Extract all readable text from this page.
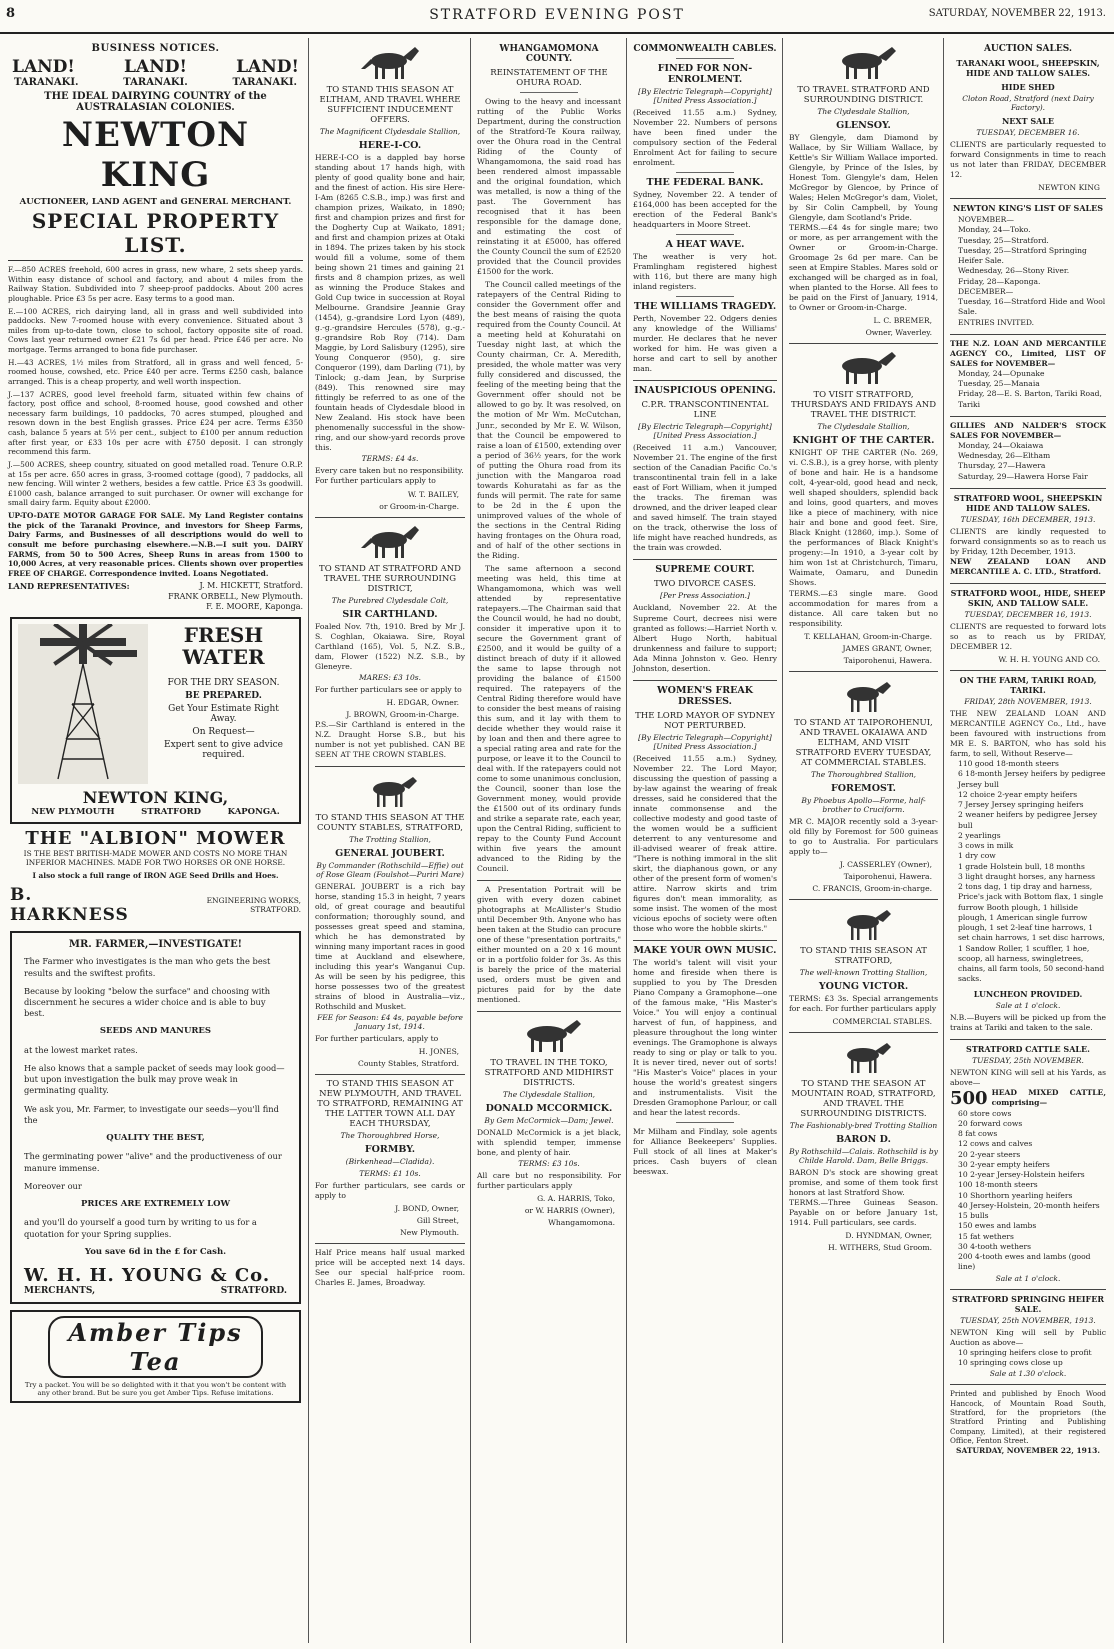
8	STRATFORD EVENING POST	SATURDAY, NOVEMBER 22, 1913.
BUSINESS NOTICES.
LAND!	LAND!	LAND!
TARANAKI.	TARANAKI.	TARANAKI.
THE IDEAL DAIRYING COUNTRY of the AUSTRALASIAN COLONIES.
NEWTON KING
AUCTIONEER, LAND AGENT and GENERAL MERCHANT.
SPECIAL PROPERTY LIST.
F.—850 ACRES freehold, 600 acres in grass, new whare, 2 sets sheep yards. Within easy distance of school and factory, and about 4 miles from the Railway Station. Subdivided into 7 sheep-proof paddocks. About 200 acres ploughable. Price £3 5s per acre. Easy terms to a good man.
E.—100 ACRES, rich dairying land, all in grass and well subdivided into paddocks. New 7-roomed house with every convenience. Situated about 3 miles from up-to-date town, close to school, factory opposite site of road. Cows last year returned owner £21 7s 6d per head. Price £46 per acre. No mortgage. Terms arranged to bona fide purchaser.
H.—43 ACRES, 1½ miles from Stratford, all in grass and well fenced, 5-roomed house, cowshed, etc. Price £40 per acre. Terms £250 cash, balance arranged. This is a cheap property, and well worth inspection.
J.—137 ACRES, good level freehold farm, situated within few chains of factory, post office and school, 8-roomed house, good cowshed and other necessary farm buildings, 10 paddocks, 70 acres stumped, ploughed and resown down in the best English grasses. Price £24 per acre. Terms £350 cash, balance 5 years at 5½ per cent., subject to £100 per annum reduction after first year, or £33 10s per acre with £750 deposit. I can strongly recommend this farm.
J.—500 ACRES, sheep country, situated on good metalled road. Tenure O.R.P. at 15s per acre. 650 acres in grass, 3-roomed cottage (good), 7 paddocks, all new fencing. Will winter 2 wethers, besides a few cattle. Price £3 3s goodwill. £1000 cash, balance arranged to suit purchaser. Or owner will exchange for small dairy farm. Equity about £2000.
UP-TO-DATE MOTOR GARAGE FOR SALE. My Land Register contains the pick of the Taranaki Province, and investors for Sheep Farms, Dairy Farms, and Businesses of all descriptions would do well to consult me before purchasing elsewhere.—N.B.—I suit you. DAIRY FARMS, from 50 to 500 Acres, Sheep Runs in areas from 1500 to 10,000 Acres, at very reasonable prices. Clients shown over properties FREE OF CHARGE. Correspondence invited. Loans Negotiated.
LAND REPRESENTATIVES:	J. M. HICKETT, Stratford.
FRANK ORBELL, New Plymouth.
F. E. MOORE, Kaponga.
FRESH WATER
FOR THE DRY SEASON.
BE PREPARED.
Get Your Estimate Right Away.
On Request—
Expert sent to give advice required.
NEWTON KING,
NEW PLYMOUTH	STRATFORD	KAPONGA.
THE "ALBION" MOWER
IS THE BEST BRITISH-MADE MOWER AND COSTS NO MORE THAN INFERIOR MACHINES. MADE FOR TWO HORSES OR ONE HORSE.
I also stock a full range of IRON AGE Seed Drills and Hoes.
B. HARKNESS
ENGINEERING WORKS, STRATFORD.
MR. FARMER,—INVESTIGATE!

The Farmer who investigates is the man who gets the best results and the swiftest profits.

Because by looking "below the surface" and choosing with discernment he secures a wider choice and is able to buy best.

SEEDS AND MANURES

at the lowest market rates.

He also knows that a sample packet of seeds may look good—but upon investigation the bulk may prove weak in germinating quality.

We ask you, Mr. Farmer, to investigate our seeds—you'll find the

QUALITY THE BEST,

The germinating power "alive" and the productiveness of our manure immense.

Moreover our

PRICES ARE EXTREMELY LOW

and you'll do yourself a good turn by writing to us for a quotation for your Spring supplies.

You save 6d in the £ for Cash.

W. H. H. YOUNG & Co.
MERCHANTS,	STRATFORD.
Amber Tips Tea
Try a packet. You will be so delighted with it that you won't be content with any other brand. But be sure you get Amber Tips. Refuse imitations.
TO STAND THIS SEASON AT ELTHAM, AND TRAVEL WHERE SUFFICIENT INDUCEMENT OFFERS.
The Magnificent Clydesdale Stallion,
HERE-I-CO.
HERE-I-CO is a dappled bay horse standing about 17 hands high, with plenty of good quality bone and hair, and the finest of action. His sire Here-I-Am (8265 C.S.B., imp.) was first and champion prizes, Waikato, in 1890; first and champion prizes and first for the Dogherty Cup at Waikato, 1891; and first and champion prizes at Otaki in 1894. The prizes taken by his stock would fill a volume, some of them being shown 21 times and gaining 21 firsts and 8 champion prizes, as well as winning the Produce Stakes and Gold Cup twice in succession at Royal Melbourne. Grandsire Jeannie Gray (1454), g.-grandsire Lord Lyon (489), g.-g.-grandsire Hercules (578), g.-g.-g.-grandsire Rob Roy (714). Dam Maggie, by Lord Salisbury (1295), sire Young Conqueror (950), g. sire Conqueror (199), dam Darling (71), by Tinlock; g.-dam Jean, by Surprise (849). This renowned sire may fittingly be referred to as one of the fountain heads of Clydesdale blood in New Zealand. His stock have been phenomenally successful in the show-ring, and our show-yard records prove this.
TERMS: £4 4s.
Every care taken but no responsibility.
For further particulars apply to
W. T. BAILEY,
or Groom-in-Charge.
TO STAND AT STRATFORD AND TRAVEL THE SURROUNDING DISTRICT,
The Purebred Clydesdale Colt,
SIR CARTHLAND.
Foaled Nov. 7th, 1910. Bred by Mr J. S. Coghlan, Okaiawa. Sire, Royal Carthland (165), Vol. 5, N.Z. S.B., dam, Flower (1522) N.Z. S.B., by Gleneyre.
MARES: £3 10s.
For further particulars see or apply to
H. EDGAR, Owner.
J. BROWN, Groom-in-Charge.
P.S.—Sir Carthland is entered in the N.Z. Draught Horse S.B., but his number is not yet published. CAN BE SEEN AT THE CROWN STABLES.
TO STAND THIS SEASON AT THE COUNTY STABLES, STRATFORD,
The Trotting Stallion,
GENERAL JOUBERT.
By Commander (Rothschild—Effie) out of Rose Gleam (Foulshot—Puriri Mare)
GENERAL JOUBERT is a rich bay horse, standing 15.3 in height, 7 years old, of great courage and beautiful conformation; thoroughly sound, and possesses great speed and stamina, which he has demonstrated by winning many important races in good time at Auckland and elsewhere, including this year's Wanganui Cup. As will be seen by his pedigree, this horse possesses two of the greatest strains of blood in Australia—viz., Rothschild and Musket.
FEE for Season: £4 4s, payable before January 1st, 1914.
For further particulars, apply to
H. JONES,
County Stables, Stratford.
TO STAND THIS SEASON AT NEW PLYMOUTH, AND TRAVEL TO STRATFORD, REMAINING AT THE LATTER TOWN ALL DAY EACH THURSDAY,
The Thoroughbred Horse,
FORMBY.
(Birkenhead—Cladida).
TERMS: £1 10s.
For further particulars, see cards or apply to
J. BOND, Owner,
Gill Street,
New Plymouth.
Half Price means half usual marked price will be accepted next 14 days. See our special half-price room. Charles E. James, Broadway.
WHANGAMOMONA COUNTY.
REINSTATEMENT OF THE OHURA ROAD.
Owing to the heavy and incessant rutting of the Public Works Department, during the construction of the Stratford-Te Koura railway, over the Ohura road in the Central Riding of the County of Whangamomona, the said road has been rendered almost impassable and the original foundation, which was metalled, is now a thing of the past. The Government has recognised that it has been responsible for the damage done, and estimating the cost of reinstating it at £5000, has offered the County Council the sum of £2520 provided that the Council provides £1500 for the work.
The Council called meetings of the ratepayers of the Central Riding to consider the Government offer and the best means of raising the quota required from the County Council. At a meeting held at Kohuratahi on Tuesday night last, at which the County chairman, Cr. A. Meredith, presided, the whole matter was very fully considered and discussed, the feeling of the meeting being that the Government offer should not be allowed to go by. It was resolved, on the motion of Mr Wm. McCutchan, Junr., seconded by Mr E. W. Wilson, that the Council be empowered to raise a loan of £1500, extending over a period of 36½ years, for the work of putting the Ohura road from its junction with the Mangaroa road towards Kohuratahi as far as the funds will permit. The rate for same to be 2d in the £ upon the unimproved values of the whole of the sections in the Central Riding having frontages on the Ohura road, and of half of the other sections in the Riding.
The same afternoon a second meeting was held, this time at Whangamomona, which was well attended by representative ratepayers.—The Chairman said that the Council would, he had no doubt, consider it imperative upon it to secure the Government grant of £2500, and it would be guilty of a distinct breach of duty if it allowed the same to lapse through not providing the balance of £1500 required. The ratepayers of the Central Riding therefore would have to consider the best means of raising this sum, and it lay with them to decide whether they would raise it by loan and then and there agree to a special rating area and rate for the purpose, or leave it to the Council to deal with. If the ratepayers could not come to some unanimous conclusion, the Council, sooner than lose the Government money, would provide the £1500 out of its ordinary funds and strike a separate rate, each year, upon the Central Riding, sufficient to repay to the County Fund Account within five years the amount advanced to the Riding by the Council.
A Presentation Portrait will be given with every dozen cabinet photographs at McAllister's Studio until December 9th. Anyone who has been taken at the Studio can procure one of these "presentation portraits," either mounted on a 20 x 16 mount or in a portfolio folder for 3s. As this is barely the price of the material used, orders must be given and pictures paid for by the date mentioned.
TO TRAVEL IN THE TOKO, STRATFORD AND MIDHIRST DISTRICTS.
The Clydesdale Stallion,
DONALD MCCORMICK.
By Gem McCormick—Dam; Jewel.
DONALD McCormick is a jet black, with splendid temper, immense bone, and plenty of hair.
TERMS: £3 10s.
All care but no responsibility. For further particulars apply
G. A. HARRIS, Toko,
or W. HARRIS (Owner),
Whangamomona.
COMMONWEALTH CABLES.
FINED FOR NON-ENROLMENT.
[By Electric Telegraph—Copyright] [United Press Association.]
(Received 11.55 a.m.) Sydney, November 22. Numbers of persons have been fined under the compulsory section of the Federal Enrolment Act for failing to secure enrolment.
THE FEDERAL BANK.
Sydney, November 22. A tender of £164,000 has been accepted for the erection of the Federal Bank's headquarters in Moore Street.
A HEAT WAVE.
The weather is very hot. Framlingham registered highest with 116, but there are many high inland registers.
THE WILLIAMS TRAGEDY.
Perth, November 22. Odgers denies any knowledge of the Williams' murder. He declares that he never worked for him. He was given a horse and cart to sell by another man.
INAUSPICIOUS OPENING.
C.P.R. TRANSCONTINENTAL LINE
[By Electric Telegraph—Copyright] [United Press Association.]
(Received 11 a.m.) Vancouver, November 21. The engine of the first section of the Canadian Pacific Co.'s transcontinental train fell in a lake east of Fort William, when it jumped the tracks. The fireman was drowned, and the driver leaped clear and saved himself. The train stayed on the track, otherwise the loss of life might have reached hundreds, as the train was crowded.
SUPREME COURT.
TWO DIVORCE CASES.
[Per Press Association.]
Auckland, November 22. At the Supreme Court, decrees nisi were granted as follows:—Harriet North v. Albert Hugo North, habitual drunkenness and failure to support; Ada Minna Johnston v. Geo. Henry Johnston, desertion.
WOMEN'S FREAK DRESSES.
THE LORD MAYOR OF SYDNEY NOT PERTURBED.
[By Electric Telegraph—Copyright] [United Press Association.]
(Received 11.55 a.m.) Sydney, November 22. The Lord Mayor, discussing the question of passing a by-law against the wearing of freak dresses, said he considered that the innate commonsense and the collective modesty and good taste of the women would be a sufficient deterrent to any venturesome and ill-advised wearer of freak attire. "There is nothing immoral in the slit skirt, the diaphanous gown, or any other of the present form of women's attire. Narrow skirts and trim figures don't mean immorality, as some insist. The women of the most vicious epochs of society were often those who wore the hobble skirts."
MAKE YOUR OWN MUSIC.
The world's talent will visit your home and fireside when there is supplied to you by The Dresden Piano Company a Gramophone—one of the famous make, "His Master's Voice." You will enjoy a continual harvest of fun, of happiness, and pleasure throughout the long winter evenings. The Gramophone is always ready to sing or play or talk to you. It is never tired, never out of sorts! "His Master's Voice" places in your house the world's greatest singers and instrumentalists. Visit the Dresden Gramophone Parlour, or call and hear the latest records.
Mr Milham and Findlay, sole agents for Alliance Beekeepers' Supplies. Full stock of all lines at Maker's prices. Cash buyers of clean beeswax.
TO TRAVEL STRATFORD AND SURROUNDING DISTRICT.
The Clydesdale Stallion,
GLENSOY.
BY Glengyle, dam Diamond by Wallace, by Sir William Wallace, by Kettle's Sir William Wallace imported. Glengyle, by Prince of the Isles, by Honest Tom. Glengyle's dam, Helen McGregor by Glencoe, by Prince of Wales; Helen McGregor's dam, Violet, by Sir Colin Campbell, by Young Glengyle, dam Scotland's Pride.
TERMS.—£4 4s for single mare; two or more, as per arrangement with the Owner or Groom-in-Charge. Groomage 2s 6d per mare. Can be seen at Empire Stables. Mares sold or exchanged will be charged as in foal, when planted to the Horse. All fees to be paid on the First of January, 1914, to Owner or Groom-in-Charge.
L. C. BREMER,
Owner, Waverley.
TO VISIT STRATFORD, THURSDAYS AND FRIDAYS AND TRAVEL THE DISTRICT.
The Clydesdale Stallion,
KNIGHT OF THE CARTER.
KNIGHT OF THE CARTER (No. 269, vi. C.S.B.), is a grey horse, with plenty of bone and hair. He is a handsome colt, 4-year-old, good head and neck, well shaped shoulders, splendid back and loins, good quarters, and moves like a piece of machinery, with nice hair and bone and good feet. Sire, Black Knight (12860, imp.). Some of the performances of Black Knight's progeny:—In 1910, a 3-year colt by him won 1st at Christchurch, Timaru, Waimate, Oamaru, and Dunedin Shows.
TERMS.—£3 single mare. Good accommodation for mares from a distance. All care taken but no responsibility.
T. KELLAHAN, Groom-in-Charge.
JAMES GRANT, Owner,
Taiporohenui, Hawera.
TO STAND AT TAIPOROHENUI, AND TRAVEL OKAIAWA AND ELTHAM, AND VISIT STRATFORD EVERY TUESDAY, AT COMMERCIAL STABLES.
The Thoroughbred Stallion,
FOREMOST.
By Phoebus Apollo—Forme, half-brother to Cruciform.
MR C. MAJOR recently sold a 3-year-old filly by Foremost for 500 guineas to go to Australia. For particulars apply to—
J. CASSERLEY (Owner),
Taiporohenui, Hawera.
C. FRANCIS, Groom-in-charge.
TO STAND THIS SEASON AT STRATFORD,
The well-known Trotting Stallion,
YOUNG VICTOR.
TERMS: £3 3s. Special arrangements for each. For further particulars apply
COMMERCIAL STABLES.
TO STAND THE SEASON AT MOUNTAIN ROAD, STRATFORD, AND TRAVEL THE SURROUNDING DISTRICTS.
The Fashionably-bred Trotting Stallion
BARON D.
By Rothschild—Calais. Rothschild is by Childe Harold. Dam, Belle Briggs.
BARON D's stock are showing great promise, and some of them took first honors at last Stratford Show.
TERMS.—Three Guineas Season. Payable on or before January 1st, 1914. Full particulars, see cards.
D. HYNDMAN, Owner,
H. WITHERS, Stud Groom.
AUCTION SALES.
TARANAKI WOOL, SHEEPSKIN, HIDE AND TALLOW SALES.
HIDE SHED
Cloton Road, Stratford (next Dairy Factory).
NEXT SALE
TUESDAY, DECEMBER 16.
CLIENTS are particularly requested to forward Consignments in time to reach us not later than FRIDAY, DECEMBER 12.
NEWTON KING
NEWTON KING'S LIST OF SALES
NOVEMBER—
Monday, 24—Toko.
Tuesday, 25—Stratford.
Tuesday, 25—Stratford Springing Heifer Sale.
Wednesday, 26—Stony River.
Friday, 28—Kaponga.
DECEMBER—
Tuesday, 16—Stratford Hide and Wool Sale.
ENTRIES INVITED.
THE N.Z. LOAN AND MERCANTILE AGENCY CO., Limited, LIST OF SALES for NOVEMBER—
Monday, 24—Opunake
Tuesday, 25—Manaia
Friday, 28—E. S. Barton, Tariki Road, Tariki
GILLIES AND NALDER'S STOCK SALES FOR NOVEMBER—
Monday, 24—Okaiawa
Wednesday, 26—Eltham
Thursday, 27—Hawera
Saturday, 29—Hawera Horse Fair
STRATFORD WOOL, SHEEPSKIN HIDE AND TALLOW SALES.
TUESDAY, 16th DECEMBER, 1913.
CLIENTS are kindly requested to forward consignments so as to reach us by Friday, 12th December, 1913.
NEW ZEALAND LOAN AND MERCANTILE A. C. LTD., Stratford.
STRATFORD WOOL, HIDE, SHEEP SKIN, AND TALLOW SALE.
TUESDAY, DECEMBER 16, 1913.
CLIENTS are requested to forward lots so as to reach us by FRIDAY, DECEMBER 12.
W. H. H. YOUNG AND CO.
ON THE FARM, TARIKI ROAD, TARIKI.
FRIDAY, 28th NOVEMBER, 1913.
THE NEW ZEALAND LOAN AND MERCANTILE AGENCY Co., Ltd., have been favoured with instructions from MR E. S. BARTON, who has sold his farm, to sell, Without Reserve—
110 good 18-month steers
6 18-month Jersey heifers by pedigree Jersey bull
12 choice 2-year empty heifers
7 Jersey Jersey springing heifers
2 weaner heifers by pedigree Jersey bull
2 yearlings
3 cows in milk
1 dry cow
1 grade Holstein bull, 18 months
3 light draught horses, any harness
2 tons dag, 1 tip dray and harness, Price's jack with Bottom flax, 1 single furrow Booth plough, 1 hillside plough, 1 American single furrow plough, 1 set 2-leaf tine harrows, 1 set chain harrows, 1 set disc harrows, 1 Sandow Roller, 1 scuffler, 1 hoe, scoop, all harness, swingletrees, chains, all farm tools, 50 second-hand sacks.
LUNCHEON PROVIDED.
Sale at 1 o'clock.
N.B.—Buyers will be picked up from the trains at Tariki and taken to the sale.
STRATFORD CATTLE SALE.
TUESDAY, 25th NOVEMBER.
NEWTON KING will sell at his Yards, as above—
500 HEAD MIXED CATTLE, comprising—
60 store cows
20 forward cows
8 fat cows
12 cows and calves
20 2-year steers
30 2-year empty heifers
10 2-year Jersey-Holstein heifers
100 18-month steers
10 Shorthorn yearling heifers
40 Jersey-Holstein, 20-month heifers
15 bulls
150 ewes and lambs
15 fat wethers
30 4-tooth wethers
200 4-tooth ewes and lambs (good line)
Sale at 1 o'clock.
STRATFORD SPRINGING HEIFER SALE.
TUESDAY, 25th NOVEMBER, 1913.
NEWTON King will sell by Public Auction as above—
10 springing heifers close to profit
10 springing cows close up
Sale at 1.30 o'clock.
Printed and published by Enoch Wood Hancock, of Mountain Road South, Stratford, for the proprietors (the Stratford Printing and Publishing Company, Limited), at their registered Office, Fenton Street.
SATURDAY, NOVEMBER 22, 1913.
